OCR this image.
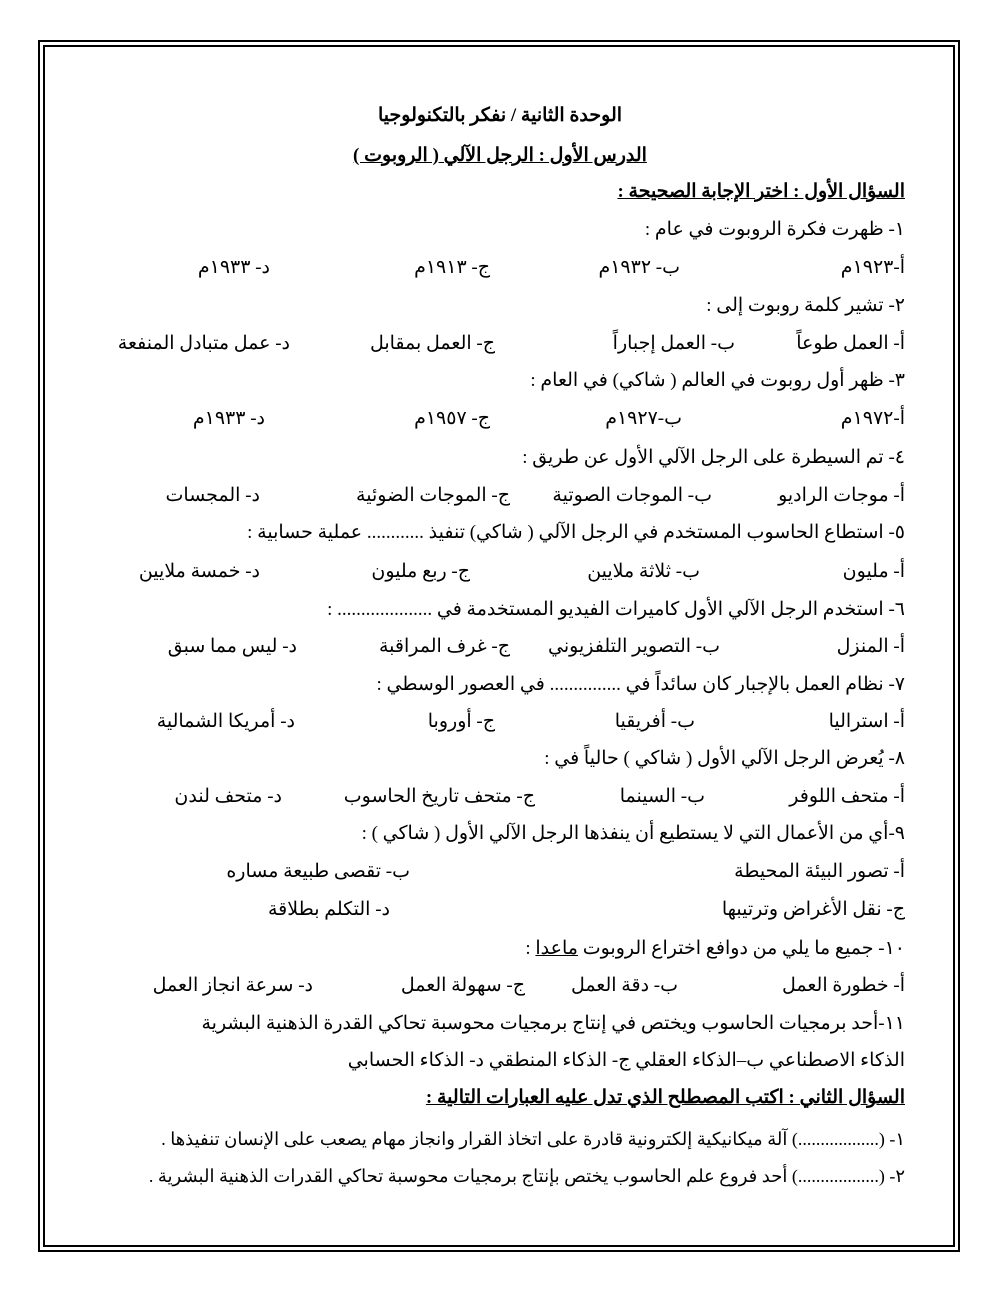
الوحدة الثانية / نفكر بالتكنولوجيا
الدرس الأول : الرجل الآلي ( الروبوت )
السؤال الأول : اختر الإجابة الصحيحة :
١- ظهرت فكرة الروبوت في عام :
أ-١٩٢٣م
ب- ١٩٣٢م
ج- ١٩١٣م
د- ١٩٣٣م
٢- تشير كلمة روبوت إلى :
أ- العمل طوعاً
ب- العمل إجباراً
ج- العمل بمقابل
د- عمل متبادل المنفعة
٣- ظهر أول روبوت في العالم ( شاكي) في العام :
أ-١٩٧٢م
ب-١٩٢٧م
ج- ١٩٥٧م
د- ١٩٣٣م
٤- تم السيطرة على الرجل الآلي الأول عن طريق :
أ- موجات الراديو
ب- الموجات الصوتية
ج- الموجات الضوئية
د- المجسات
٥- استطاع الحاسوب المستخدم في الرجل الآلي ( شاكي) تنفيذ ............ عملية حسابية :
أ- مليون
ب- ثلاثة ملايين
ج- ربع مليون
د- خمسة ملايين
٦- استخدم الرجل الآلي الأول كاميرات الفيديو المستخدمة في .................... :
أ- المنزل
ب- التصوير التلفزيوني
ج- غرف المراقبة
د- ليس مما سبق
٧- نظام العمل بالإجبار كان سائداً في ............... في العصور الوسطي :
أ- استراليا
ب- أفريقيا
ج- أوروبا
د- أمريكا الشمالية
٨- يُعرض الرجل الآلي الأول ( شاكي ) حالياً في :
أ- متحف اللوفر
ب- السينما
ج- متحف تاريخ الحاسوب
د- متحف لندن
٩-أي من الأعمال التي لا يستطيع أن ينفذها الرجل الآلي الأول ( شاكي ) :
أ- تصور البيئة المحيطة
ب- تقصى طبيعة مساره
ج- نقل الأغراض وترتيبها
د- التكلم بطلاقة
١٠- جميع ما يلي من دوافع اختراع الروبوت ماعدا :
أ- خطورة العمل
ب- دقة العمل
ج- سهولة العمل
د- سرعة انجاز العمل
١١-أحد برمجيات الحاسوب ويختص في إنتاج برمجيات محوسبة تحاكي القدرة الذهنية البشرية
الذكاء الاصطناعي ب–الذكاء العقلي ج- الذكاء المنطقي د- الذكاء الحسابي
السؤال الثاني : اكتب المصطلح الذي تدل عليه العبارات التالية :
١- (..................) آلة ميكانيكية إلكترونية قادرة على اتخاذ القرار وانجاز مهام يصعب على الإنسان تنفيذها .
٢- (..................) أحد فروع علم الحاسوب يختص بإنتاج برمجيات محوسبة تحاكي القدرات الذهنية البشرية .
